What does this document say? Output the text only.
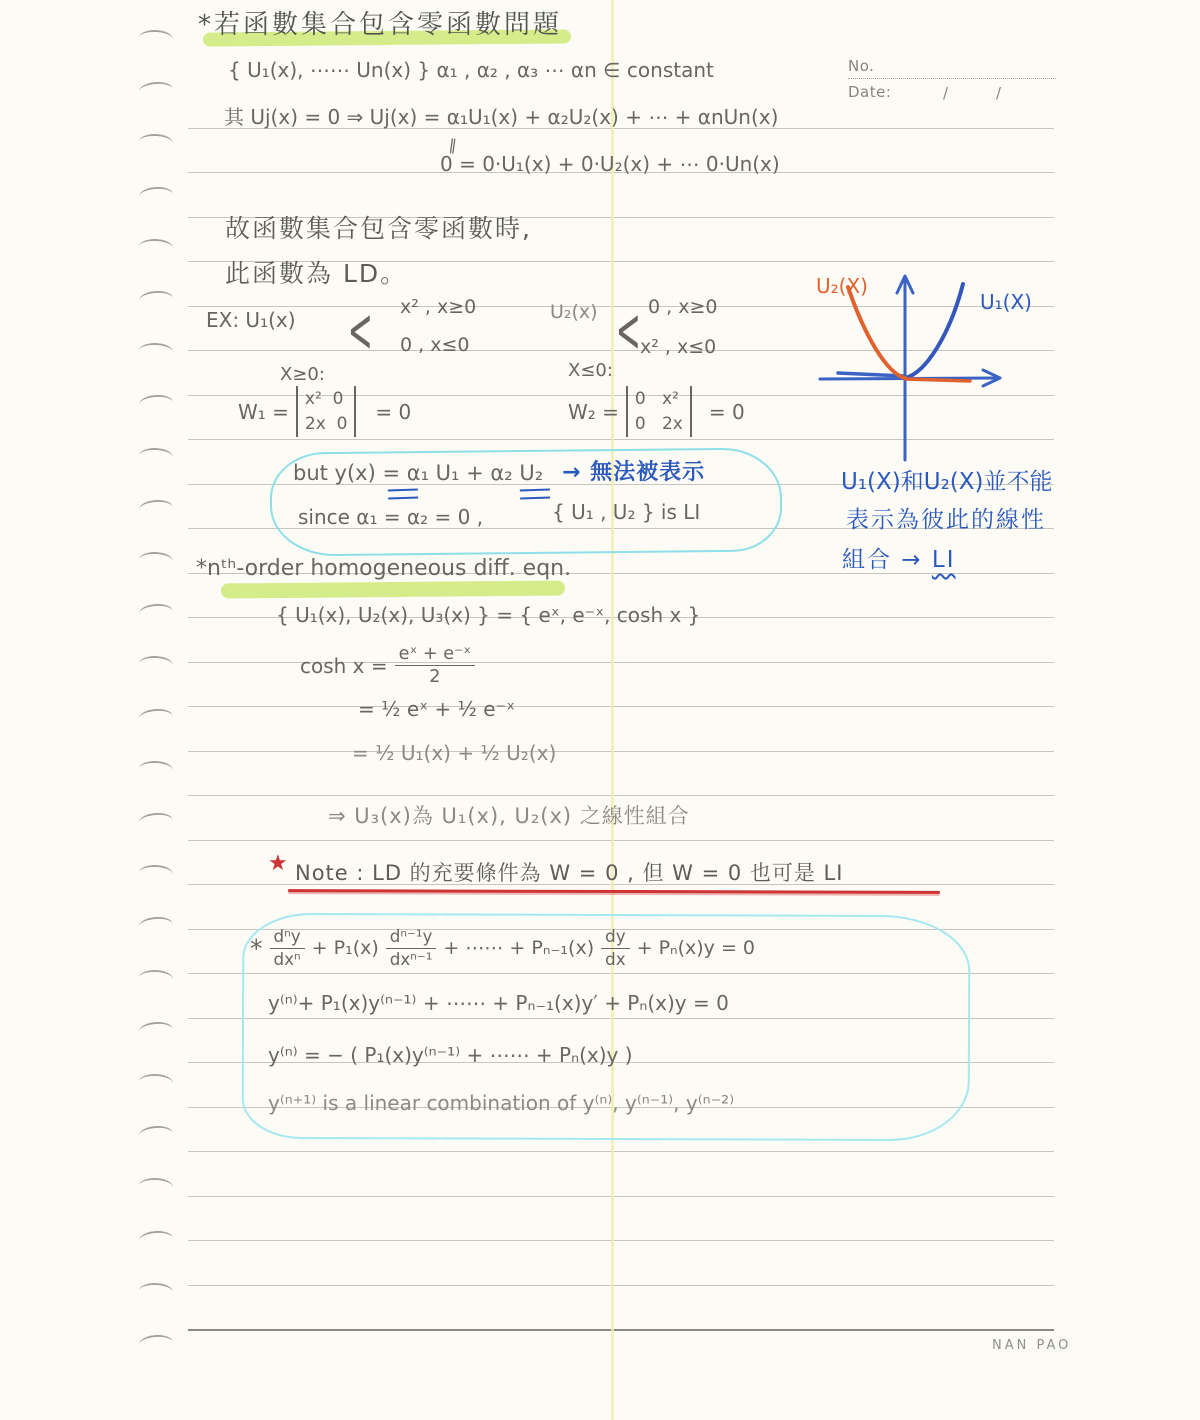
No.
Date:	/	/
*若函數集合包含零函數問題
{ U₁(x), ⋯⋯ Un(x) } α₁ , α₂ , α₃ ⋯ αn ∈ constant
其 Uj(x) = 0 ⇒ Uj(x) = α₁U₁(x) + α₂U₂(x) + ⋯ + αnUn(x)
‖
0 = 0·U₁(x) + 0·U₂(x) + ⋯ 0·Un(x)
故函數集合包含零函數時,
此函數為 LD。
EX: U₁(x)	< x² , x≥0
0 , x≤0
U₂(x) < 0 , x≥0
x² , x≤0
X≥0:
W₁ =
x²  0
2x  0 = 0
X≤0:
W₂ =
0   x²
0   2x = 0
but y(x) = α₁ U₁ + α₂ U₂ → 無法被表示
since α₁ = α₂ = 0 ,	{ U₁ , U₂ } is LI
U₂(X)
U₁(X)
U₁(X)和U₂(X)並不能
表示為彼此的線性
組合 → LI
*nᵗʰ-order homogeneous diff. eqn.
{ U₁(x), U₂(x), U₃(x) } = { eˣ, e⁻ˣ, cosh x }
$\cosh x = \frac{\text{eˣ + e⁻ˣ}}{2}$
= ½ eˣ + ½ e⁻ˣ
= ½ U₁(x) + ½ U₂(x)
⇒ U₃(x)為 U₁(x), U₂(x) 之線性組合
★ Note : LD 的充要條件為 W = 0 , 但 W = 0 也可是 LI
* $\frac{\text{dⁿy}}{\text{dxⁿ}} + P_1(x) \frac{\text{dⁿ⁻¹y}}{\text{dxⁿ⁻¹}}$ + ⋯⋯ + $P_{n-1}(x) \frac{dy}{dx} + P_n(x)y = 0$
y⁽ⁿ⁾+ P₁(x)y⁽ⁿ⁻¹⁾ + ⋯⋯ + Pₙ₋₁(x)y′ + Pₙ(x)y = 0
y⁽ⁿ⁾ = − ( P₁(x)y⁽ⁿ⁻¹⁾ + ⋯⋯ + Pₙ(x)y )
y⁽ⁿ⁺¹⁾ is a linear combination of y⁽ⁿ⁾, y⁽ⁿ⁻¹⁾, y⁽ⁿ⁻²⁾
NAN PAO
